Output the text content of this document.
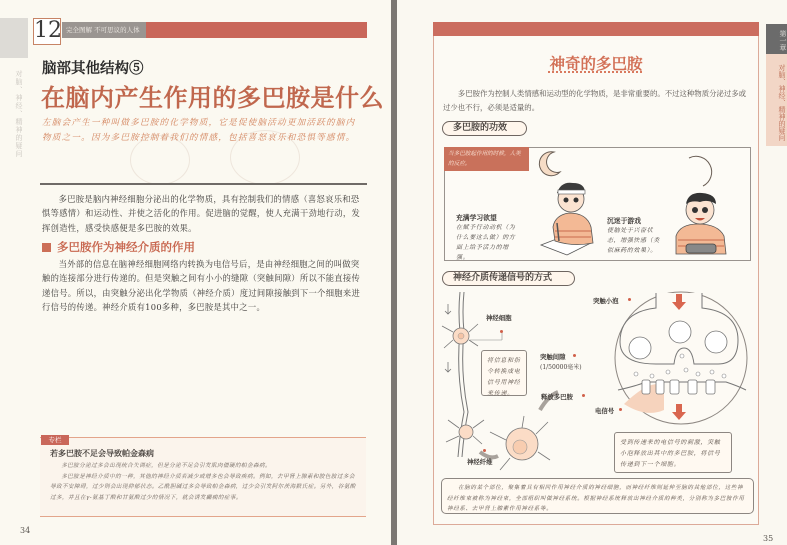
对脑、神经、精神的疑问
12 完全图解 不可思议的人体
脑部其他结构⑤
在脑内产生作用的多巴胺是什么
左脑会产生一种叫做多巴胺的化学物质，它是促使脑活动更加活跃的脑内物质之一。因为多巴胺控制着我们的情感，包括喜怒哀乐和恐惧等感情。

多巴胺是脑内神经细胞分泌出的化学物质，具有控制我们的情感（喜怒哀乐和恐惧等感情）和运动性、并使之活化的作用。促进脑的觉醒，使人充满干劲地行动，发挥创造性，感受快感便是多巴胺的效果。

多巴胺作为神经介质的作用

当外部的信息在脑神经细胞网络内转换为电信号后，是由神经细胞之间的叫做突触的连接部分进行传递的。但是突触之间有小小的缝隙（突触间隙）所以不能直接传递信号。所以，由突触分泌出化学物质（神经介质）度过间隙接触到下一个细胞来进行信号的传递。神经介质有100多种，多巴胺是其中之一。

专栏
若多巴胺不足会导致帕金森病

多巴胺分泌过多会出现统合失调症，但是分泌不足会引发肌肉僵硬的帕金森病。

多巴胺是神经介质中的一种，其他的神经介质若减少或增多也会导致疾病。例如，去甲肾上腺素和胶色胺过多会导致不安障碍，过少则会出现抑郁状态。乙酰胆碱过多会导致帕金森病，过少会引发阿尔茨海默氏症。另外，谷氨酸过多，并且在γ-氨基丁酸和甘氨酸过少的情况下，就会诱发癫痫的症事。

34
第一章
对脑、神经、精神的疑问
神奇的多巴胺

多巴胺作为控制人类情感和运动型的化学物质，是非常重要的。不过这种物质分泌过多或过少也不行，必须是适量的。

多巴胺的功效
当多巴胺起作用的时候，人类的反应。
充满学习欲望
在赋予行动动机（为什么要这么做）的方面上给予活力的增强。
沉迷于游戏
使脑处于兴奋状态，增强快感（类似麻药的效果）。
神经介质传递信号的方式
神经细胞
将信息和指令转换成电信号用神经来传递。
神经纤维
突触小泡
突触间隙
(1/50000毫米)
释放多巴胺
电信号
受到传递来的电信号的刺激，突触小泡释放出其中的多巴胺，将信号传递到下一个细胞。
在脑的某个部位，聚集着具有相同作用神经介质的神经细胞，而神经纤维则延伸至脑的其他部位，这些神经纤维束被称为神经束，全部组织叫做神经系统。根据神经系统释放出神经介质的种类，分别称为多巴胺作用神经系、去甲肾上腺素作用神经系等。
35
